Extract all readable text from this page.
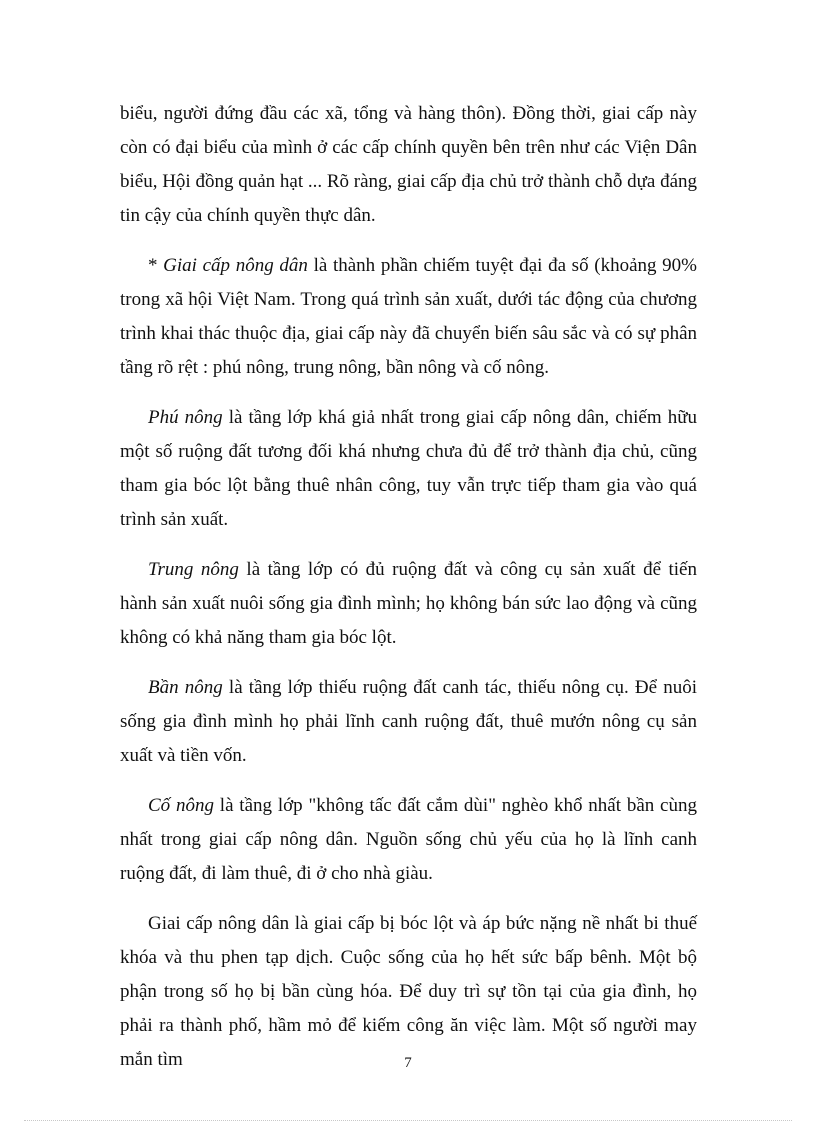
biểu, người đứng đầu các xã, tổng và hàng thôn). Đồng thời, giai cấp này còn có đại biểu của mình ở các cấp chính quyền bên trên như các Viện Dân biểu, Hội đồng quản hạt ... Rõ ràng, giai cấp địa chủ trở thành chỗ dựa đáng tin cậy của chính quyền thực dân.

* Giai cấp nông dân là thành phần chiếm tuyệt đại đa số (khoảng 90% trong xã hội Việt Nam. Trong quá trình sản xuất, dưới tác động của chương trình khai thác thuộc địa, giai cấp này đã chuyển biến sâu sắc và có sự phân tầng rõ rệt : phú nông, trung nông, bần nông và cố nông.

Phú nông là tầng lớp khá giả nhất trong giai cấp nông dân, chiếm hữu một số ruộng đất tương đối khá nhưng chưa đủ để trở thành địa chủ, cũng tham gia bóc lột bằng thuê nhân công, tuy vẫn trực tiếp tham gia vào quá trình sản xuất.

Trung nông là tầng lớp có đủ ruộng đất và công cụ sản xuất để tiến hành sản xuất nuôi sống gia đình mình; họ không bán sức lao động và cũng không có khả năng tham gia bóc lột.

Bần nông là tầng lớp thiếu ruộng đất canh tác, thiếu nông cụ. Để nuôi sống gia đình mình họ phải lĩnh canh ruộng đất, thuê mướn nông cụ sản xuất và tiền vốn.

Cố nông là tầng lớp "không tấc đất cắm dùi" nghèo khổ nhất bần cùng nhất trong giai cấp nông dân. Nguồn sống chủ yếu của họ là lĩnh canh ruộng đất, đi làm thuê, đi ở cho nhà giàu.

Giai cấp nông dân là giai cấp bị bóc lột và áp bức nặng nề nhất bi thuế khóa và thu phen tạp dịch. Cuộc sống của họ hết sức bấp bênh. Một bộ phận trong số họ bị bần cùng hóa. Để duy trì sự tồn tại của gia đình, họ phải ra thành phố, hầm mỏ để kiếm công ăn việc làm. Một số người may mắn tìm	7
